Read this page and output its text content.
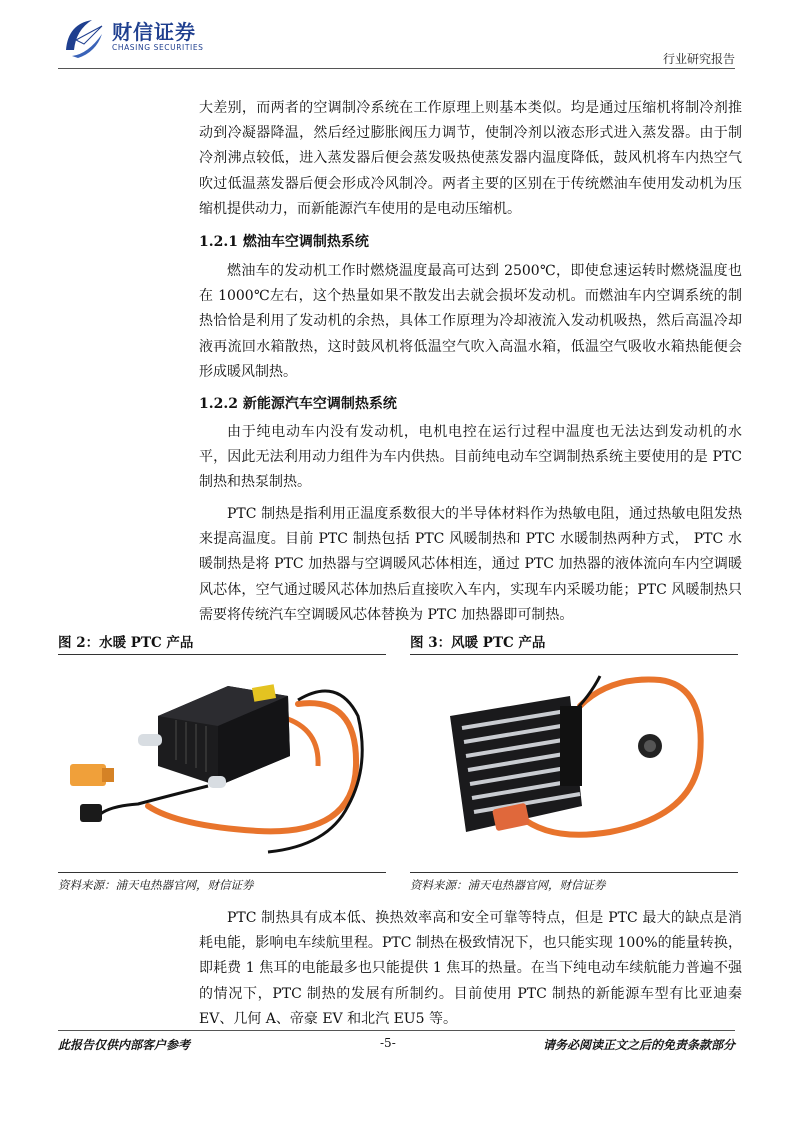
财信证券
CHASING SECURITIES
行业研究报告
大差别，而两者的空调制冷系统在工作原理上则基本类似。均是通过压缩机将制冷剂推动到冷凝器降温，然后经过膨胀阀压力调节，使制冷剂以液态形式进入蒸发器。由于制冷剂沸点较低，进入蒸发器后便会蒸发吸热使蒸发器内温度降低，鼓风机将车内热空气吹过低温蒸发器后便会形成冷风制冷。两者主要的区别在于传统燃油车使用发动机为压缩机提供动力，而新能源汽车使用的是电动压缩机。
1.2.1 燃油车空调制热系统
燃油车的发动机工作时燃烧温度最高可达到 2500℃，即使怠速运转时燃烧温度也在 1000℃左右，这个热量如果不散发出去就会损坏发动机。而燃油车内空调系统的制热恰恰是利用了发动机的余热，具体工作原理为冷却液流入发动机吸热，然后高温冷却液再流回水箱散热，这时鼓风机将低温空气吹入高温水箱，低温空气吸收水箱热能便会形成暖风制热。
1.2.2 新能源汽车空调制热系统
由于纯电动车内没有发动机，电机电控在运行过程中温度也无法达到发动机的水平，因此无法利用动力组件为车内供热。目前纯电动车空调制热系统主要使用的是 PTC 制热和热泵制热。
PTC 制热是指利用正温度系数很大的半导体材料作为热敏电阻，通过热敏电阻发热来提高温度。目前 PTC 制热包括 PTC 风暖制热和 PTC 水暖制热两种方式， PTC 水暖制热是将 PTC 加热器与空调暖风芯体相连，通过 PTC 加热器的液体流向车内空调暖风芯体，空气通过暖风芯体加热后直接吹入车内，实现车内采暖功能；PTC 风暖制热只需要将传统汽车空调暖风芯体替换为 PTC 加热器即可制热。
图 2：水暖 PTC 产品
资料来源：浦天电热器官网，财信证券
图 3：风暖 PTC 产品
资料来源：浦天电热器官网，财信证券
PTC 制热具有成本低、换热效率高和安全可靠等特点，但是 PTC 最大的缺点是消耗电能，影响电车续航里程。PTC 制热在极致情况下，也只能实现 100%的能量转换，即耗费 1 焦耳的电能最多也只能提供 1 焦耳的热量。在当下纯电动车续航能力普遍不强的情况下，PTC 制热的发展有所制约。目前使用 PTC 制热的新能源车型有比亚迪秦 EV、几何 A、帝豪 EV 和北汽 EU5 等。
此报告仅供内部客户参考	-5-	请务必阅读正文之后的免责条款部分
